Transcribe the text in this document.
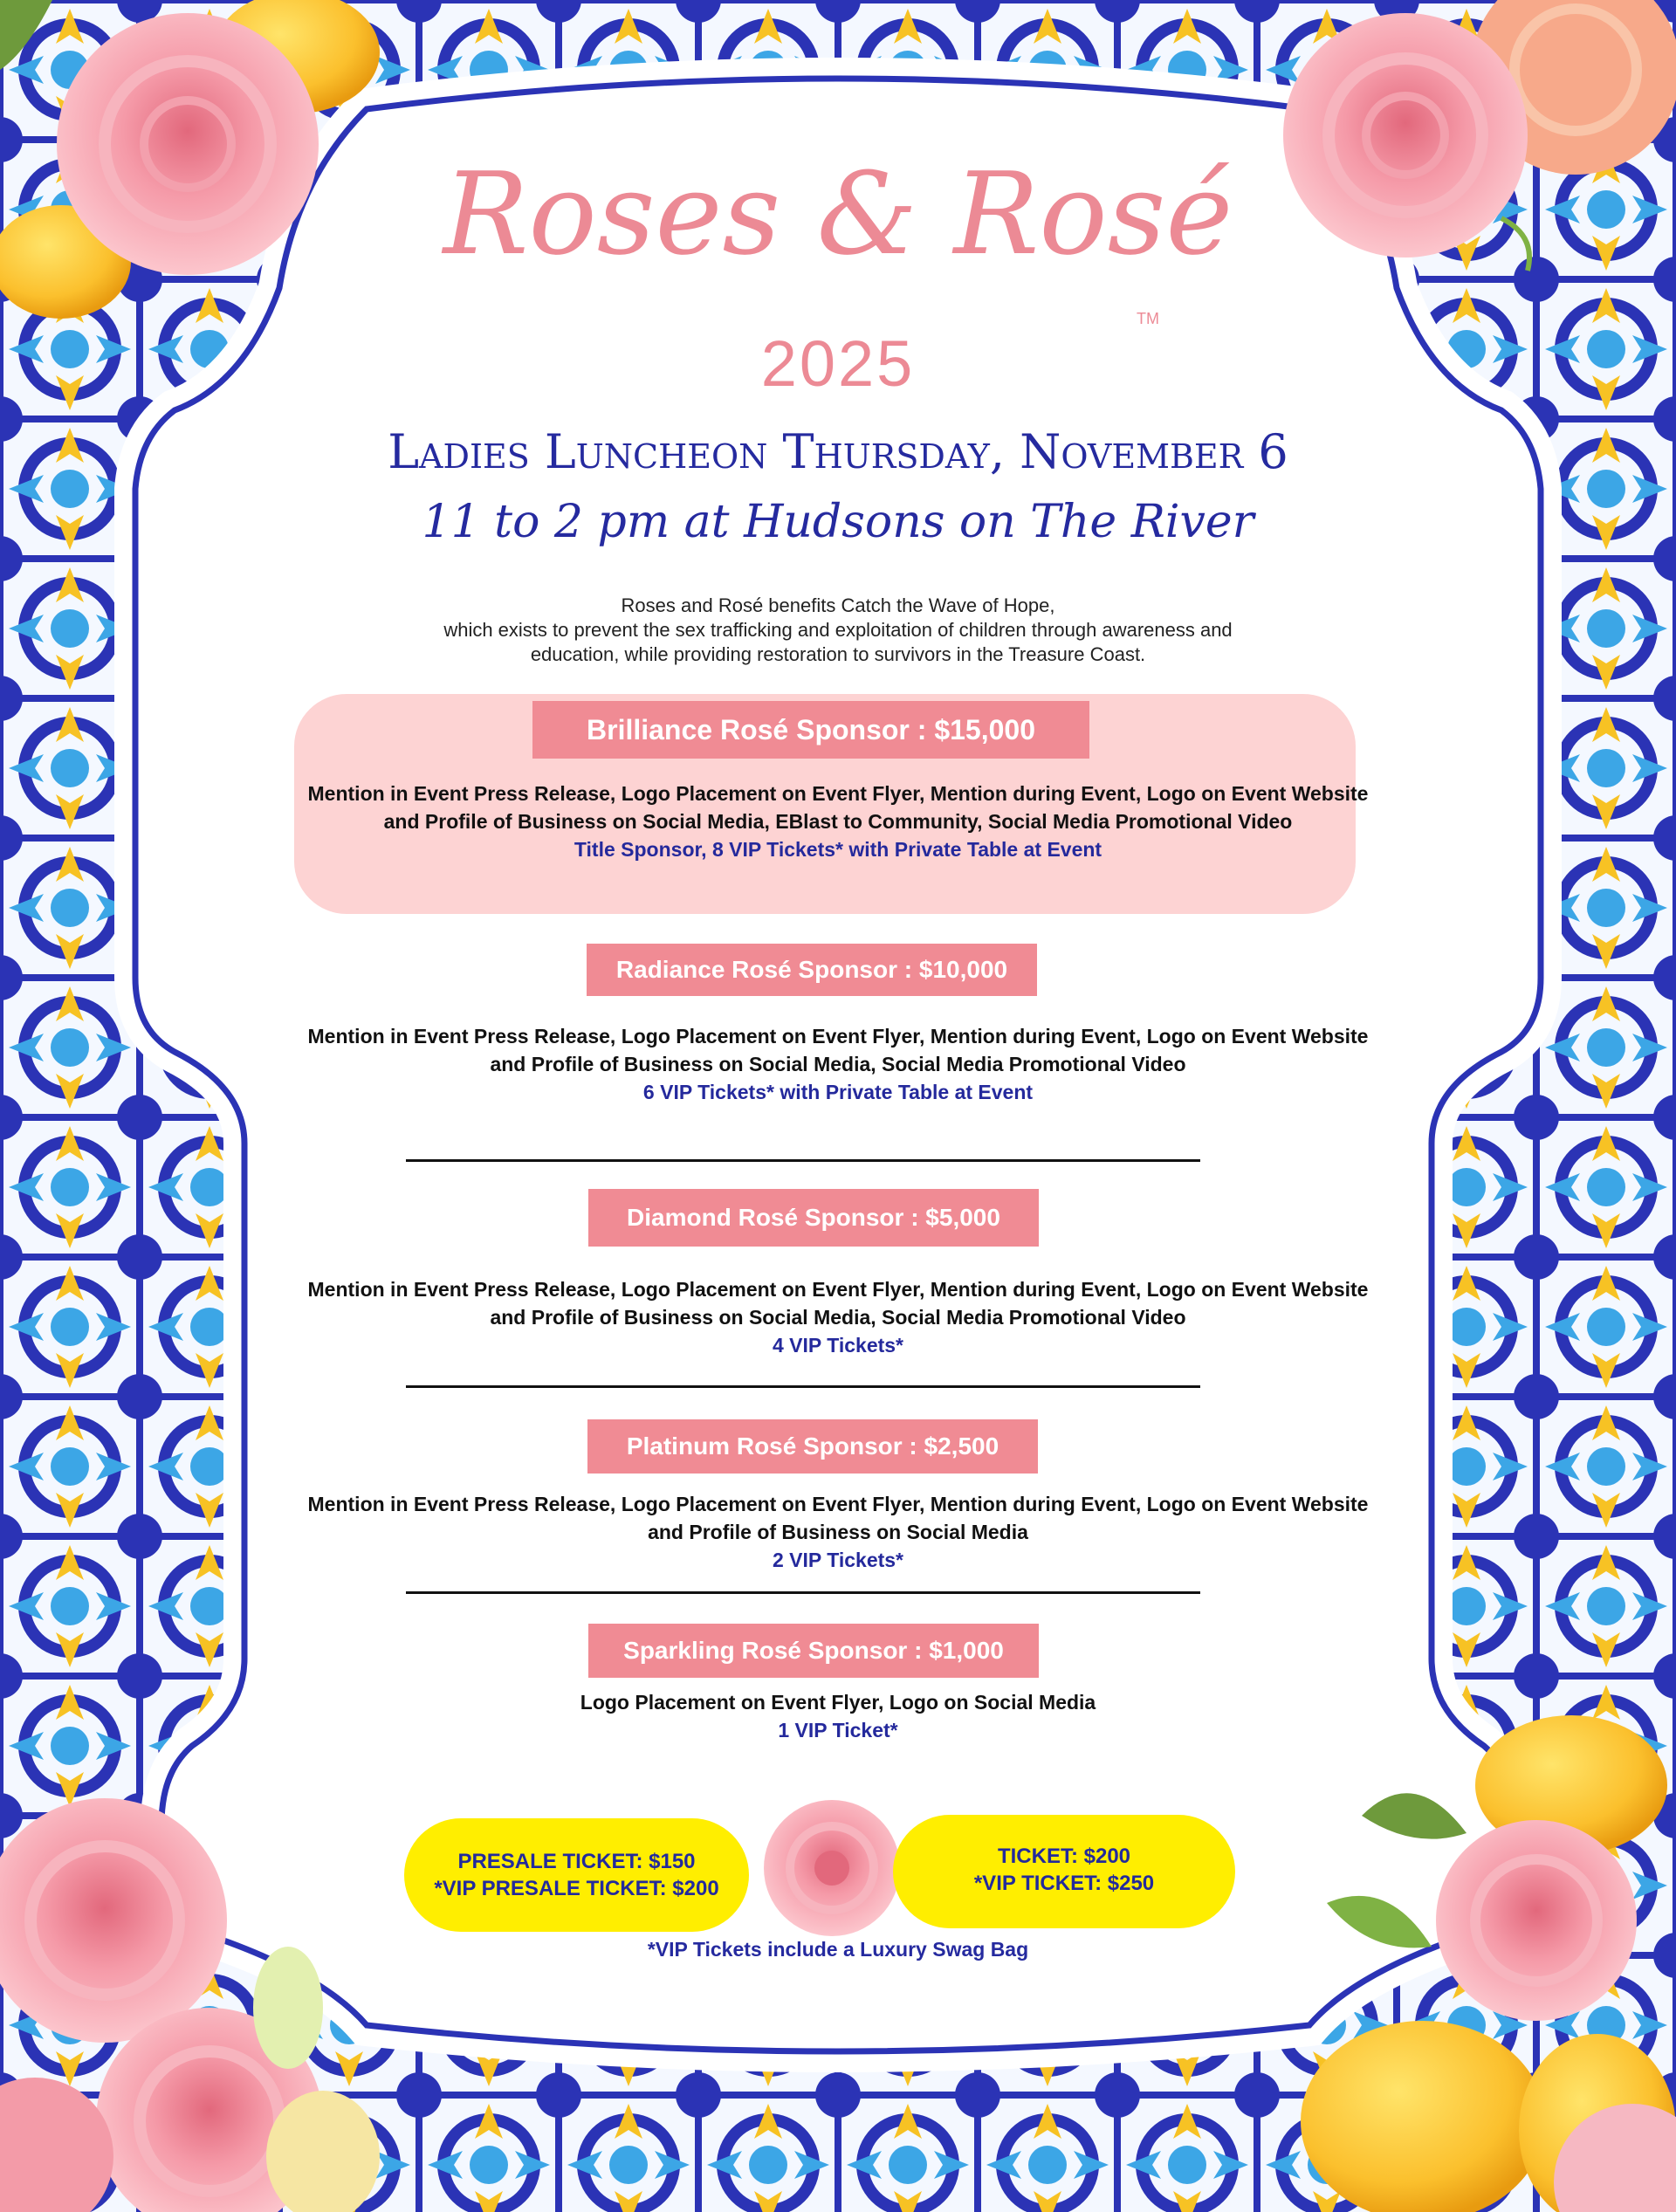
Roses & Rosé
TM
2025
Ladies Luncheon Thursday, November 6
11 to 2 pm at Hudsons on The River
Roses and Rosé benefits Catch the Wave of Hope,
which exists to prevent the sex trafficking and exploitation of children through awareness and
education, while providing restoration to survivors in the Treasure Coast.
Brilliance Rosé Sponsor : $15,000
Mention in Event Press Release, Logo Placement on Event Flyer, Mention during Event, Logo on Event Website and Profile of Business on Social Media, EBlast to Community, Social Media Promotional Video
Title Sponsor, 8 VIP Tickets* with Private Table at Event
Radiance Rosé Sponsor : $10,000
Mention in Event Press Release, Logo Placement on Event Flyer, Mention during Event, Logo on Event Website and Profile of Business on Social Media, Social Media Promotional Video
6 VIP Tickets* with Private Table at Event
Diamond Rosé Sponsor : $5,000
Mention in Event Press Release, Logo Placement on Event Flyer, Mention during Event, Logo on Event Website and Profile of Business on Social Media, Social Media Promotional Video
4 VIP Tickets*
Platinum Rosé Sponsor : $2,500
Mention in Event Press Release, Logo Placement on Event Flyer, Mention during Event, Logo on Event Website and Profile of Business on Social Media
2 VIP Tickets*
Sparkling Rosé Sponsor : $1,000
Logo Placement on Event Flyer, Logo on Social Media
1 VIP Ticket*
PRESALE TICKET: $150
*VIP PRESALE TICKET: $200
TICKET: $200
*VIP TICKET: $250
*VIP Tickets include a Luxury Swag Bag
